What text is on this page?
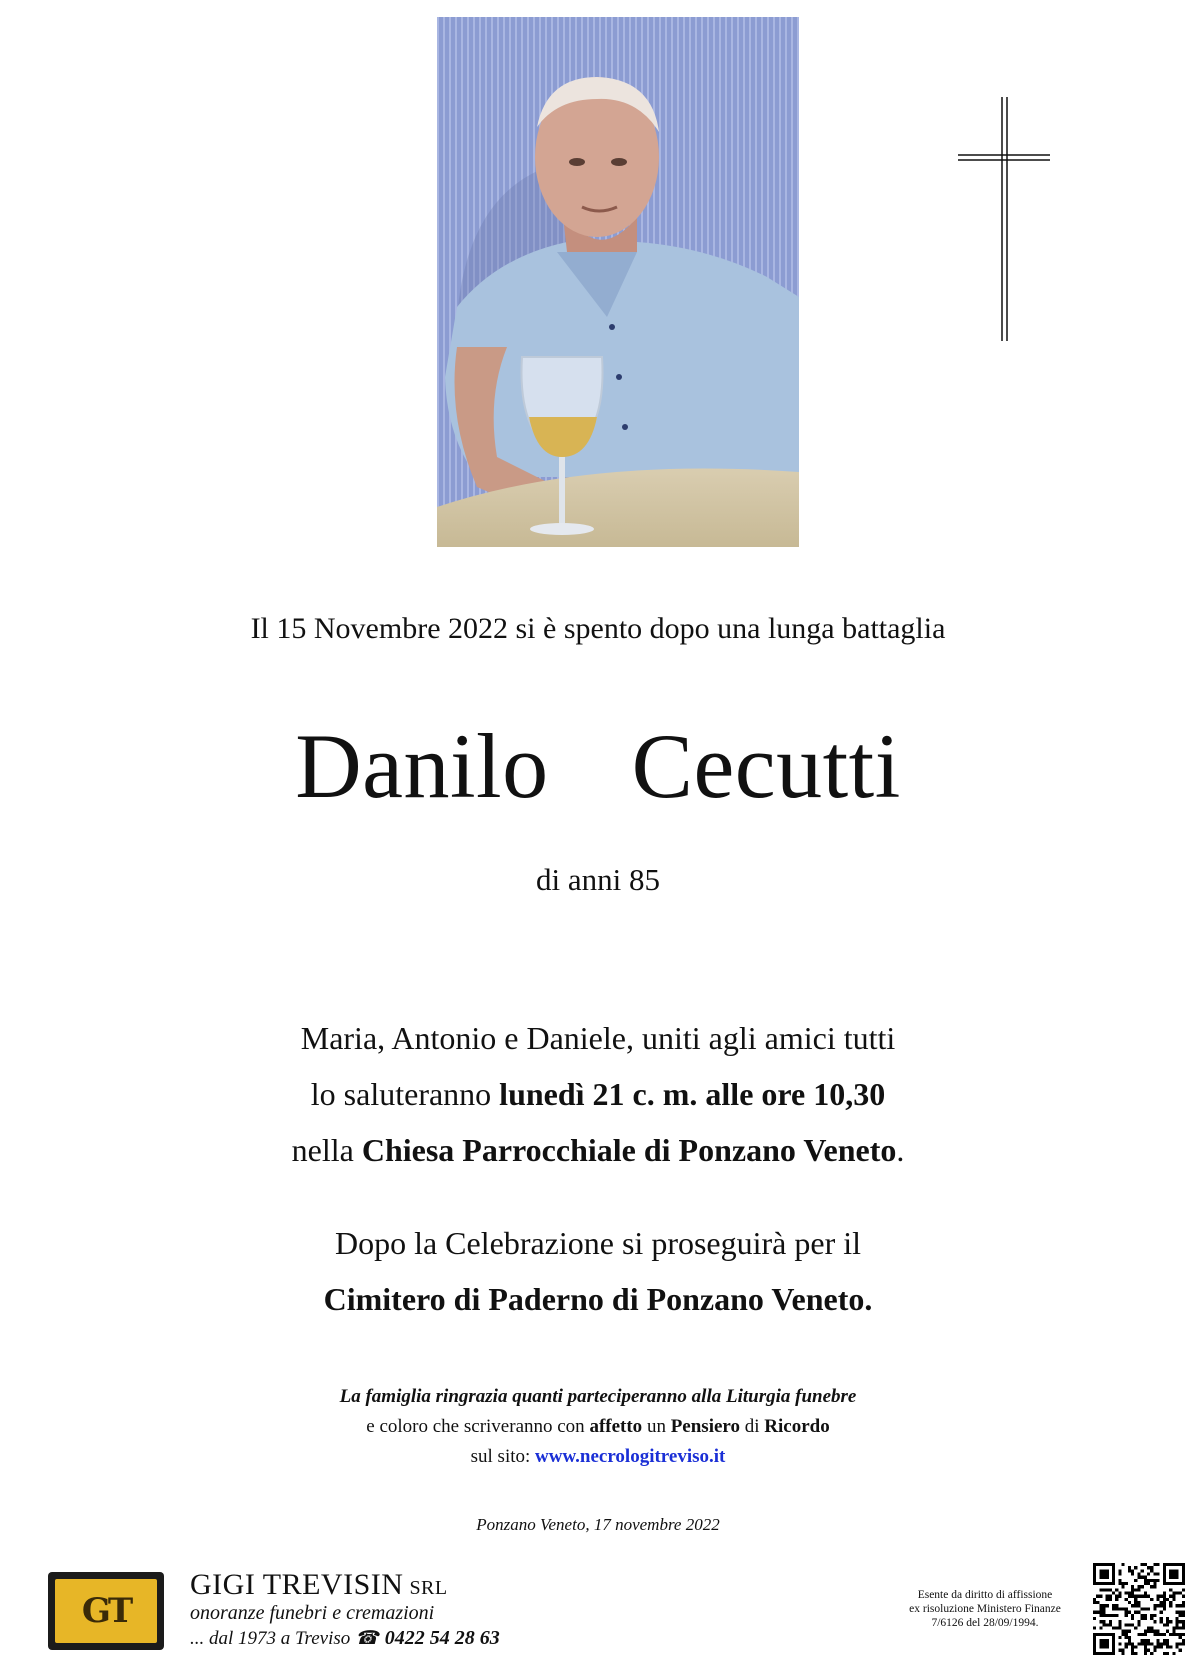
Il 15 Novembre 2022 si è spento dopo una lunga battaglia
Danilo  Cecutti
di anni 85
Maria, Antonio e Daniele, uniti agli amici tutti
lo saluteranno lunedì 21 c. m. alle ore 10,30
nella Chiesa Parrocchiale di Ponzano Veneto.
Dopo la Celebrazione si proseguirà per il
Cimitero di Paderno di Ponzano Veneto.
La famiglia ringrazia quanti parteciperanno alla Liturgia funebre
e coloro che scriveranno con affetto un Pensiero di Ricordo
sul sito: www.necrologitreviso.it
Ponzano Veneto, 17 novembre 2022
GT
GIGI TREVISIN SRL
onoranze funebri e cremazioni
... dal 1973 a Treviso ☎ 0422 54 28 63
Esente da diritto di affissione
ex risoluzione Ministero Finanze
7/6126 del 28/09/1994.
